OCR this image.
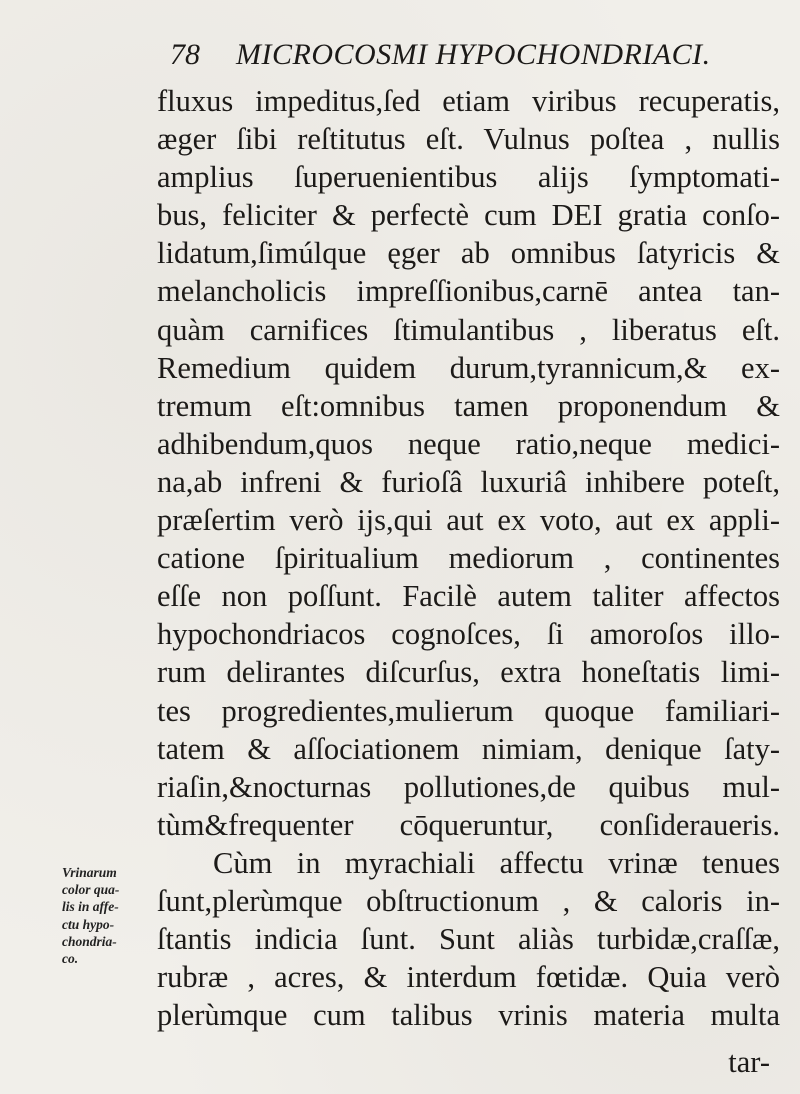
78 MICROCOSMI HYPOCHONDRIACI.
fluxus impeditus,ſed etiam viribus recuperatis,
æger ſibi reſtitutus eſt. Vulnus poſtea , nullis
amplius ſuperuenientibus alijs ſymptomati-
bus, feliciter & perfectè cum DEI gratia conſo-
lidatum,ſimúlque ęger ab omnibus ſatyricis &
melancholicis impreſſionibus,carnē antea tan-
quàm carnifices ſtimulantibus , liberatus eſt.
Remedium quidem durum,tyrannicum,& ex-
tremum eſt:omnibus tamen proponendum &
adhibendum,quos neque ratio,neque medici-
na,ab infreni & furioſâ luxuriâ inhibere poteſt,
præſertim verò ijs,qui aut ex voto, aut ex appli-
catione ſpiritualium mediorum , continentes
eſſe non poſſunt. Facilè autem taliter affectos
hypochondriacos cognoſces, ſi amoroſos illo-
rum delirantes diſcurſus, extra honeſtatis limi-
tes progredientes,mulierum quoque familiari-
tatem & aſſociationem nimiam, denique ſaty-
riaſin,&nocturnas pollutiones,de quibus mul-
tùm&frequenter cōqueruntur, conſideraueris.
Cùm in myrachiali affectu vrinæ tenues
ſunt,plerùmque obſtructionum , & caloris in-
ſtantis indicia ſunt. Sunt aliàs turbidæ,craſſæ,
rubræ , acres, & interdum fœtidæ. Quia verò
plerùmque cum talibus vrinis materia multa
tar-
Vrinarum
color qua-
lis in affe-
ctu hypo-
chondria-
co.
